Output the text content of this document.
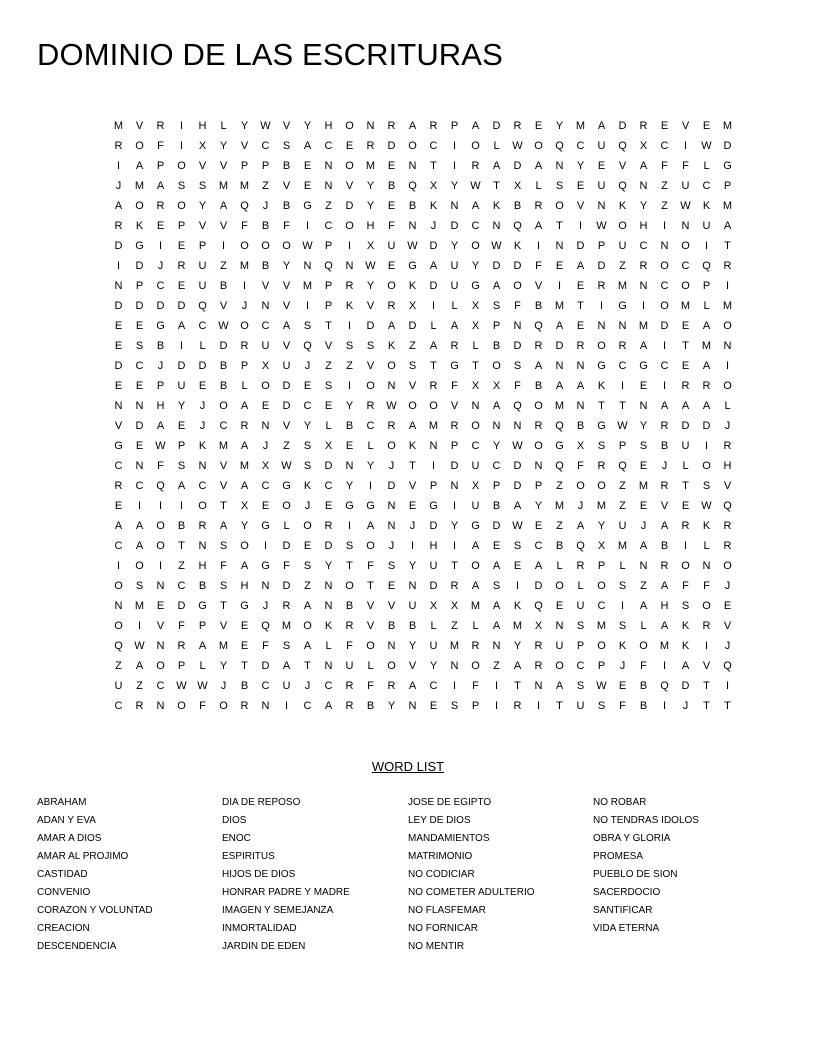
DOMINIO DE LAS ESCRITURAS
M	V	R	I	H	L	Y	W	V	Y	H	O	N	R	A	R	P	A	D	R	E	Y	M	A	D	R	E	V	E	M
R	O	F	I	X	Y	V	C	S	A	C	E	R	D	O	C	I	O	L	W	O	Q	C	U	Q	X	C	I	W	D
I	A	P	O	V	V	P	P	B	E	N	O	M	E	N	T	I	R	A	D	A	N	Y	E	V	A	F	F	L	G
J	M	A	S	S	M	M	Z	V	E	N	V	Y	B	Q	X	Y	W	T	X	L	S	E	U	Q	N	Z	U	C	P
A	O	R	O	Y	A	Q	J	B	G	Z	D	Y	E	B	K	N	A	K	B	R	O	V	N	K	Y	Z	W	K	M
R	K	E	P	V	V	F	B	F	I	C	O	H	F	N	J	D	C	N	Q	A	T	I	W	O	H	I	N	U	A
D	G	I	E	P	I	O	O	O	W	P	I	X	U	W	D	Y	O	W	K	I	N	D	P	U	C	N	O	I	T
I	D	J	R	U	Z	M	B	Y	N	Q	N	W	E	G	A	U	Y	D	D	F	E	A	D	Z	R	O	C	Q	R
N	P	C	E	U	B	I	V	V	M	P	R	Y	O	K	D	U	G	A	O	V	I	E	R	M	N	C	O	P	I
D	D	D	D	Q	V	J	N	V	I	P	K	V	R	X	I	L	X	S	F	B	M	T	I	G	I	O	M	L	M
E	E	G	A	C	W	O	C	A	S	T	I	D	A	D	L	A	X	P	N	Q	A	E	N	N	M	D	E	A	O
E	S	B	I	L	D	R	U	V	Q	V	S	S	K	Z	A	R	L	B	D	R	D	R	O	R	A	I	T	M	N
D	C	J	D	D	B	P	X	U	J	Z	Z	V	O	S	T	G	T	O	S	A	N	N	G	C	G	C	E	A	I
E	E	P	U	E	B	L	O	D	E	S	I	O	N	V	R	F	X	X	F	B	A	A	K	I	E	I	R	R	O
N	N	H	Y	J	O	A	E	D	C	E	Y	R	W	O	O	V	N	A	Q	O	M	N	T	T	N	A	A	A	L
V	D	A	E	J	C	R	N	V	Y	L	B	C	R	A	M	R	O	N	N	R	Q	B	G	W	Y	R	D	D	J
G	E	W	P	K	M	A	J	Z	S	X	E	L	O	K	N	P	C	Y	W	O	G	X	S	P	S	B	U	I	R
C	N	F	S	N	V	M	X	W	S	D	N	Y	J	T	I	D	U	C	D	N	Q	F	R	Q	E	J	L	O	H
R	C	Q	A	C	V	A	C	G	K	C	Y	I	D	V	P	N	X	P	D	P	Z	O	O	Z	M	R	T	S	V
E	I	I	I	O	T	X	E	O	J	E	G	G	N	E	G	I	U	B	A	Y	M	J	M	Z	E	V	E	W	Q
A	A	O	B	R	A	Y	G	L	O	R	I	A	N	J	D	Y	G	D	W	E	Z	A	Y	U	J	A	R	K	R
C	A	O	T	N	S	O	I	D	E	D	S	O	J	I	H	I	A	E	S	C	B	Q	X	M	A	B	I	L	R
I	O	I	Z	H	F	A	G	F	S	Y	T	F	S	Y	U	T	O	A	E	A	L	R	P	L	N	R	O	N	O
O	S	N	C	B	S	H	N	D	Z	N	O	T	E	N	D	R	A	S	I	D	O	L	O	S	Z	A	F	F	J
N	M	E	D	G	T	G	J	R	A	N	B	V	V	U	X	X	M	A	K	Q	E	U	C	I	A	H	S	O	E
O	I	V	F	P	V	E	Q	M	O	K	R	V	B	B	L	Z	L	A	M	X	N	S	M	S	L	A	K	R	V
Q	W	N	R	A	M	E	F	S	A	L	F	O	N	Y	U	M	R	N	Y	R	U	P	O	K	O	M	K	I	J
Z	A	O	P	L	Y	T	D	A	T	N	U	L	O	V	Y	N	O	Z	A	R	O	C	P	J	F	I	A	V	Q
U	Z	C	W W	J	B	C	U	J	C	R	F	R	A	C	I	F	I	T	N	A	S	W	E	B	Q	D	T	I
C	R	N	O	F	O	R	N	I	C	A	R	B	Y	N	E	S	P	I	R	I	T	U	S	F	B	I	J	T	T
WORD LIST
ABRAHAM
ADAN Y EVA
AMAR A DIOS
AMAR AL PROJIMO
CASTIDAD
CONVENIO
CORAZON Y VOLUNTAD
CREACION
DESCENDENCIA
DIA DE REPOSO
DIOS
ENOC
ESPIRITUS
HIJOS DE DIOS
HONRAR PADRE Y MADRE
IMAGEN Y SEMEJANZA
INMORTALIDAD
JARDIN DE EDEN
JOSE DE EGIPTO
LEY DE DIOS
MANDAMIENTOS
MATRIMONIO
NO CODICIAR
NO COMETER ADULTERIO
NO FLASFEMAR
NO FORNICAR
NO MENTIR
NO ROBAR
NO TENDRAS IDOLOS
OBRA Y GLORIA
PROMESA
PUEBLO DE SION
SACERDOCIO
SANTIFICAR
VIDA ETERNA
